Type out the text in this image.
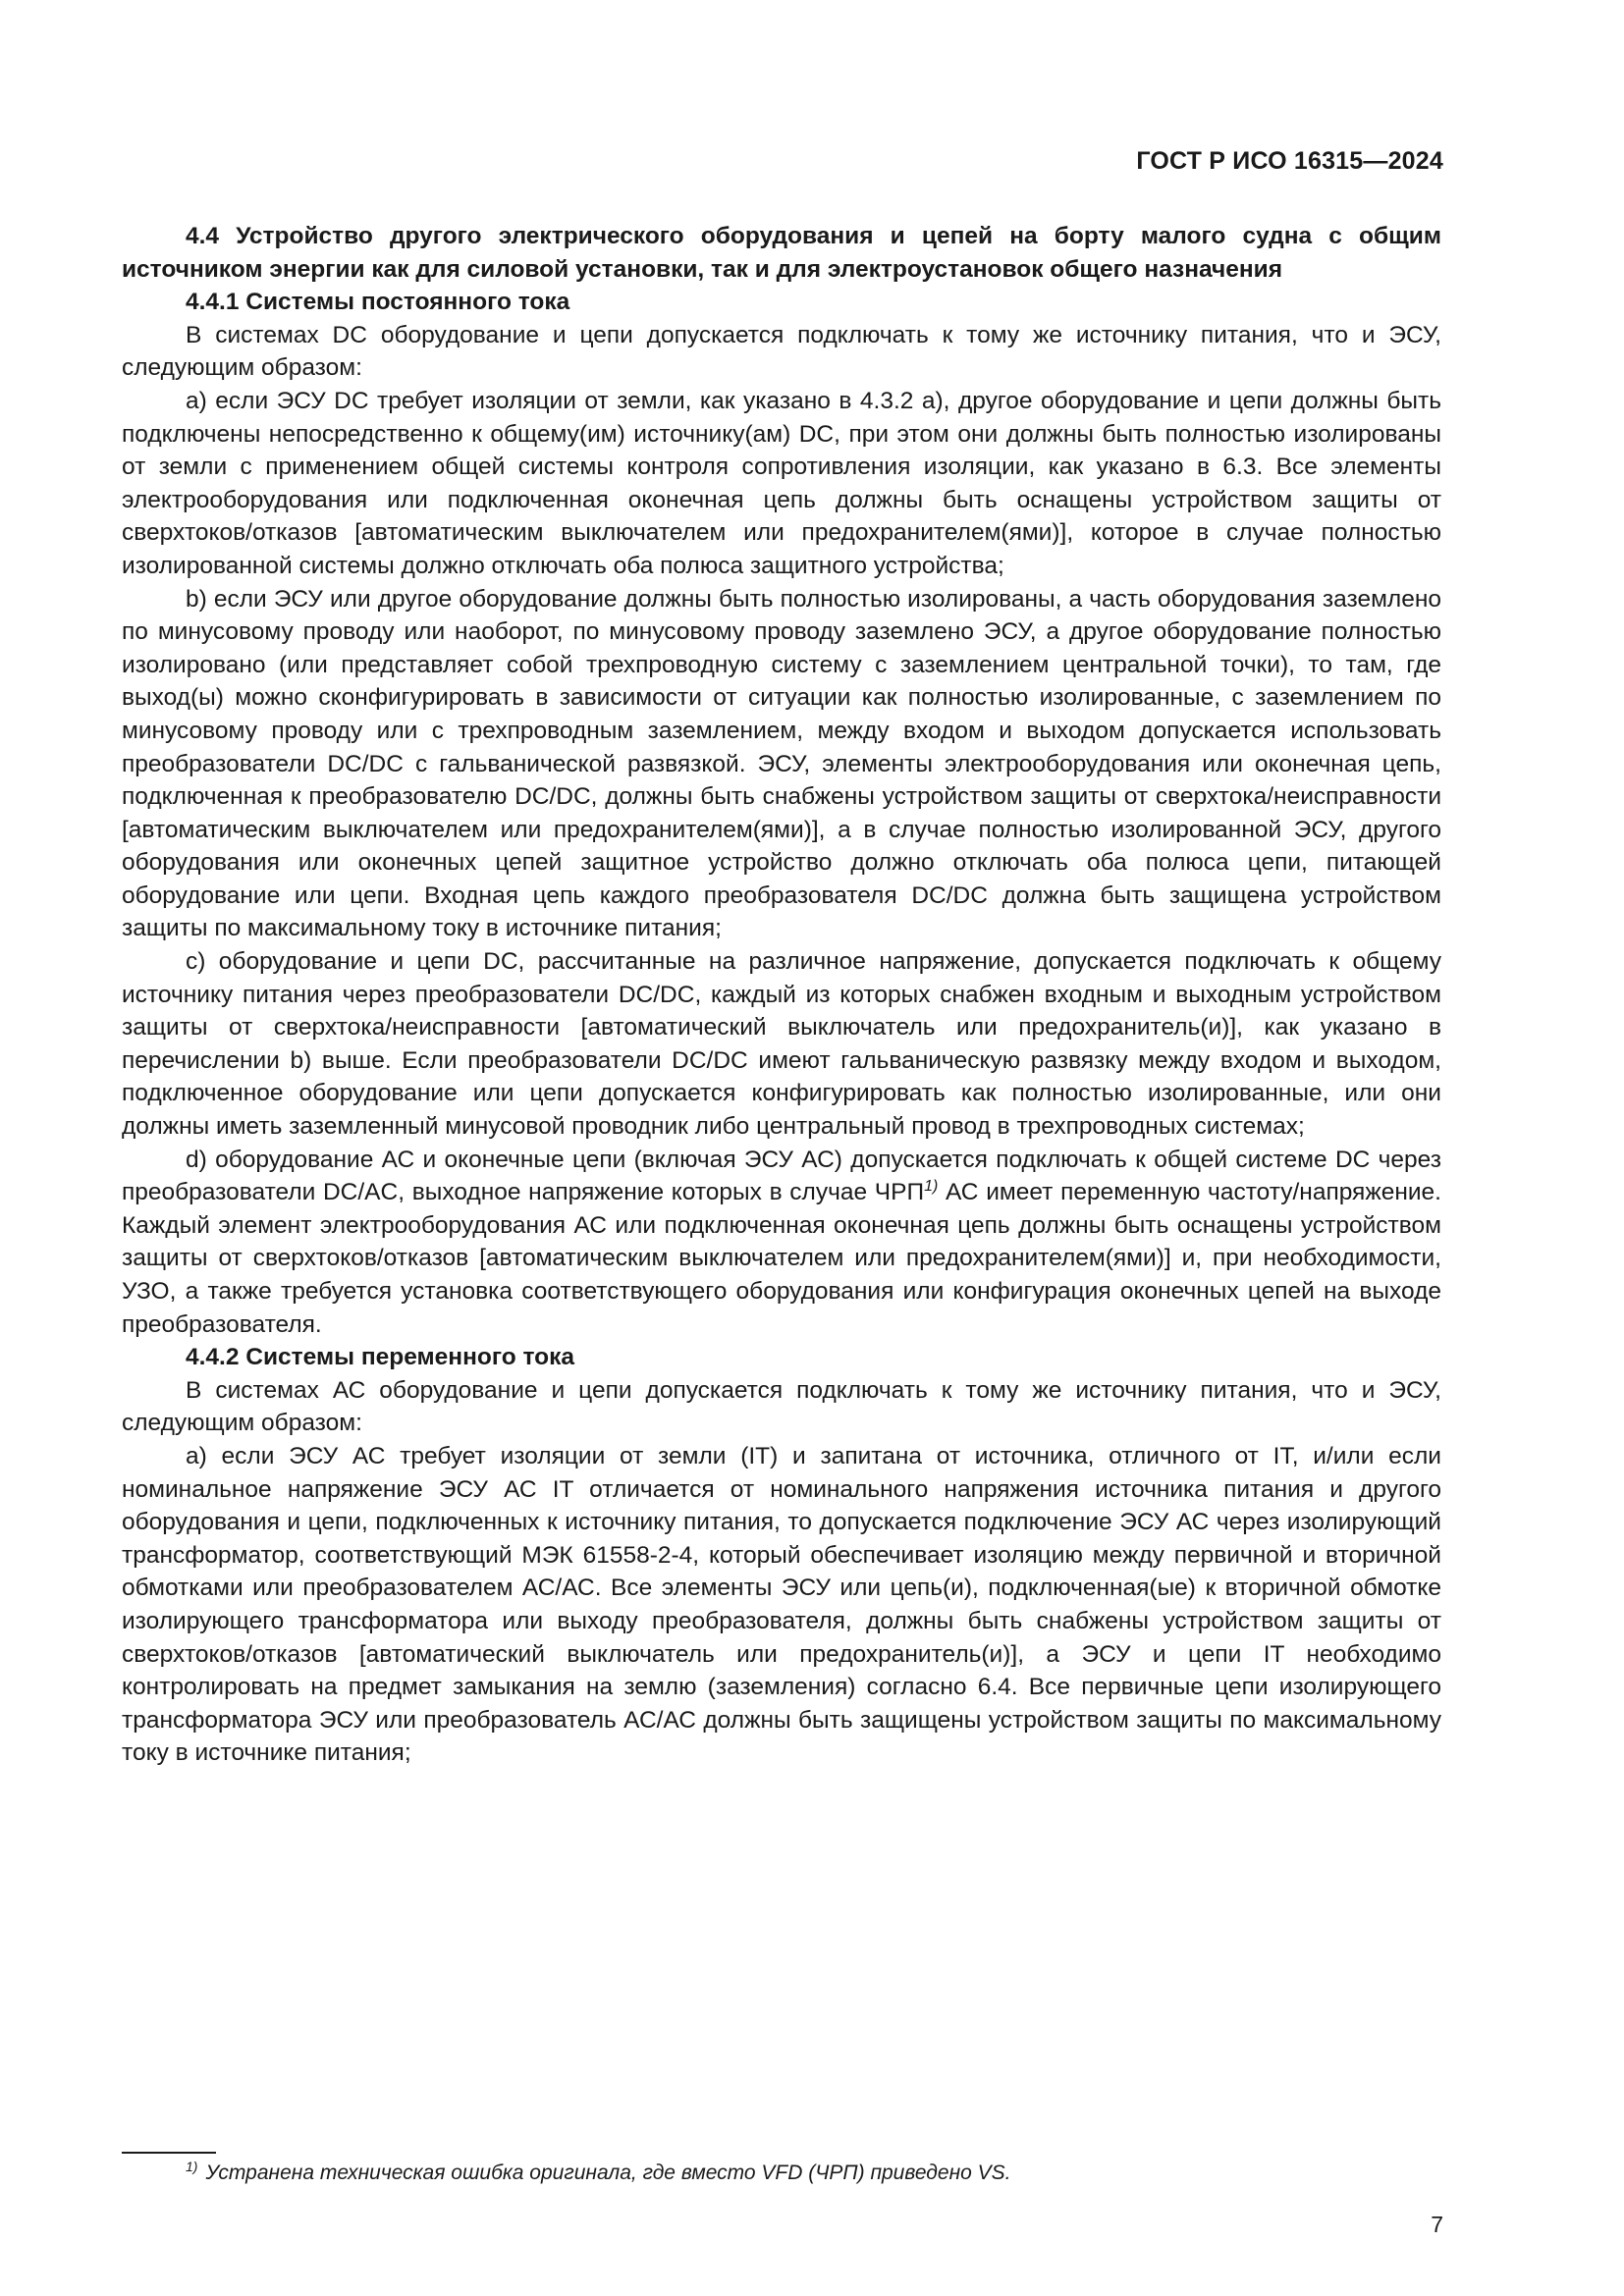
ГОСТ Р ИСО 16315—2024
4.4 Устройство другого электрического оборудования и цепей на борту малого судна с общим источником энергии как для силовой установки, так и для электроустановок общего назначения
4.4.1 Системы постоянного тока

В системах DC оборудование и цепи допускается подключать к тому же источнику питания, что и ЭСУ, следующим образом:

а) если ЭСУ DC требует изоляции от земли, как указано в 4.3.2 а), другое оборудование и цепи должны быть подключены непосредственно к общему(им) источнику(ам) DC, при этом они должны быть полностью изолированы от земли с применением общей системы контроля сопротивления изоляции, как указано в 6.3. Все элементы электрооборудования или подключенная оконечная цепь должны быть оснащены устройством защиты от сверхтоков/отказов [автоматическим выключателем или предохранителем(ями)], которое в случае полностью изолированной системы должно отключать оба полюса защитного устройства;

b) если ЭСУ или другое оборудование должны быть полностью изолированы, а часть оборудования заземлено по минусовому проводу или наоборот, по минусовому проводу заземлено ЭСУ, а другое оборудование полностью изолировано (или представляет собой трехпроводную систему с заземлением центральной точки), то там, где выход(ы) можно сконфигурировать в зависимости от ситуации как полностью изолированные, с заземлением по минусовому проводу или с трехпроводным заземлением, между входом и выходом допускается использовать преобразователи DC/DC с гальванической развязкой. ЭСУ, элементы электрооборудования или оконечная цепь, подключенная к преобразователю DC/DC, должны быть снабжены устройством защиты от сверхтока/неисправности [автоматическим выключателем или предохранителем(ями)], а в случае полностью изолированной ЭСУ, другого оборудования или оконечных цепей защитное устройство должно отключать оба полюса цепи, питающей оборудование или цепи. Входная цепь каждого преобразователя DC/DC должна быть защищена устройством защиты по максимальному току в источнике питания;

с) оборудование и цепи DC, рассчитанные на различное напряжение, допускается подключать к общему источнику питания через преобразователи DC/DC, каждый из которых снабжен входным и выходным устройством защиты от сверхтока/неисправности [автоматический выключатель или предохранитель(и)], как указано в перечислении b) выше. Если преобразователи DC/DC имеют гальваническую развязку между входом и выходом, подключенное оборудование или цепи допускается конфигурировать как полностью изолированные, или они должны иметь заземленный минусовой проводник либо центральный провод в трехпроводных системах;

d) оборудование АС и оконечные цепи (включая ЭСУ АС) допускается подключать к общей системе DC через преобразователи DC/AC, выходное напряжение которых в случае ЧРП$^{1)}$ АС имеет переменную частоту/напряжение. Каждый элемент электрооборудования АС или подключенная оконечная цепь должны быть оснащены устройством защиты от сверхтоков/отказов [автоматическим выключателем или предохранителем(ями)] и, при необходимости, УЗО, а также требуется установка соответствующего оборудования или конфигурация оконечных цепей на выходе преобразователя.

4.4.2 Системы переменного тока

В системах АС оборудование и цепи допускается подключать к тому же источнику питания, что и ЭСУ, следующим образом:

а) если ЭСУ АС требует изоляции от земли (IT) и запитана от источника, отличного от IT, и/или если номинальное напряжение ЭСУ АС IT отличается от номинального напряжения источника питания и другого оборудования и цепи, подключенных к источнику питания, то допускается подключение ЭСУ АС через изолирующий трансформатор, соответствующий МЭК 61558-2-4, который обеспечивает изоляцию между первичной и вторичной обмотками или преобразователем АС/АС. Все элементы ЭСУ или цепь(и), подключенная(ые) к вторичной обмотке изолирующего трансформатора или выходу преобразователя, должны быть снабжены устройством защиты от сверхтоков/отказов [автоматический выключатель или предохранитель(и)], а ЭСУ и цепи IT необходимо контролировать на предмет замыкания на землю (заземления) согласно 6.4. Все первичные цепи изолирующего трансформатора ЭСУ или преобразователь АС/АС должны быть защищены устройством защиты по максимальному току в источнике питания;

$^{1)}$ Устранена техническая ошибка оригинала, где вместо VFD (ЧРП) приведено VS.
7
